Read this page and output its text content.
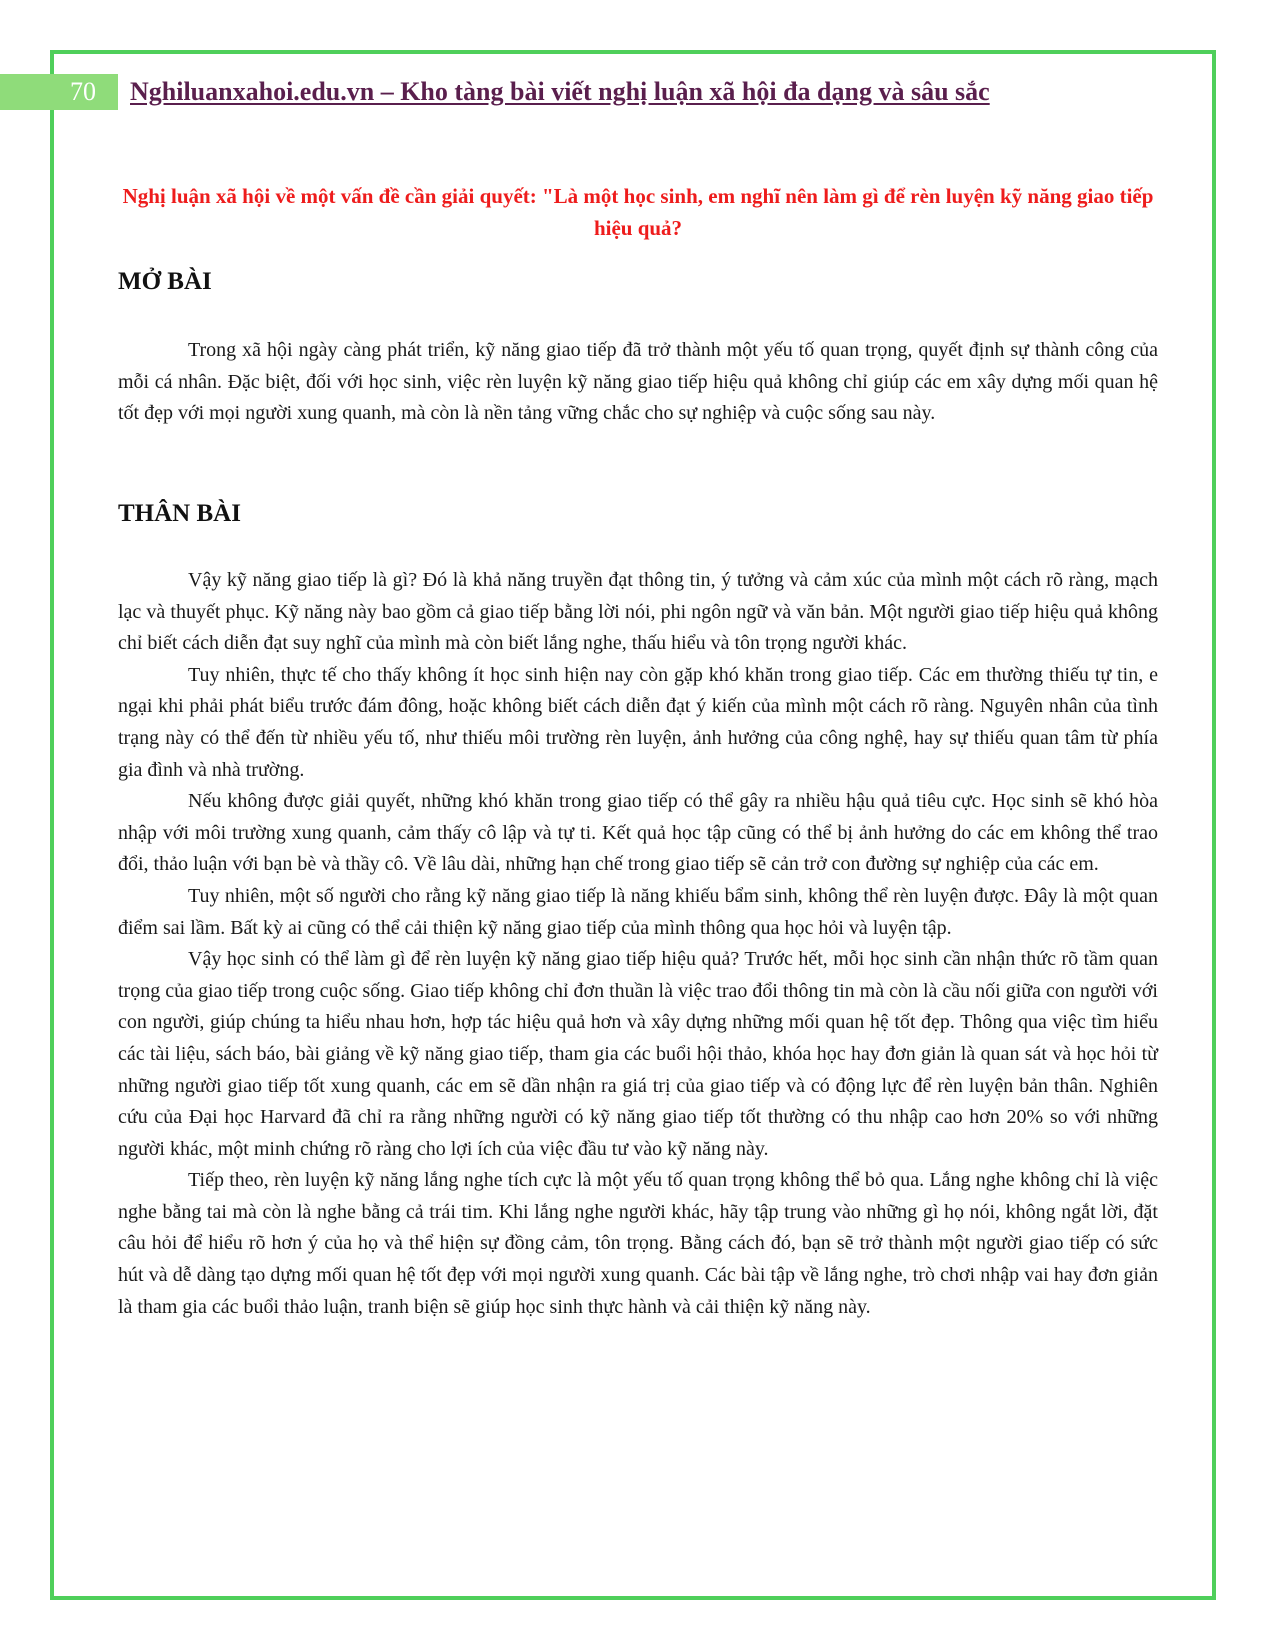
70 Nghiluanxahoi.edu.vn – Kho tàng bài viết nghị luận xã hội đa dạng và sâu sắc
Nghị luận xã hội về một vấn đề cần giải quyết: "Là một học sinh, em nghĩ nên làm gì để rèn luyện kỹ năng giao tiếp hiệu quả?
MỞ BÀI

Trong xã hội ngày càng phát triển, kỹ năng giao tiếp đã trở thành một yếu tố quan trọng, quyết định sự thành công của mỗi cá nhân. Đặc biệt, đối với học sinh, việc rèn luyện kỹ năng giao tiếp hiệu quả không chỉ giúp các em xây dựng mối quan hệ tốt đẹp với mọi người xung quanh, mà còn là nền tảng vững chắc cho sự nghiệp và cuộc sống sau này.

THÂN BÀI

Vậy kỹ năng giao tiếp là gì? Đó là khả năng truyền đạt thông tin, ý tưởng và cảm xúc của mình một cách rõ ràng, mạch lạc và thuyết phục. Kỹ năng này bao gồm cả giao tiếp bằng lời nói, phi ngôn ngữ và văn bản. Một người giao tiếp hiệu quả không chỉ biết cách diễn đạt suy nghĩ của mình mà còn biết lắng nghe, thấu hiểu và tôn trọng người khác.

Tuy nhiên, thực tế cho thấy không ít học sinh hiện nay còn gặp khó khăn trong giao tiếp. Các em thường thiếu tự tin, e ngại khi phải phát biểu trước đám đông, hoặc không biết cách diễn đạt ý kiến của mình một cách rõ ràng. Nguyên nhân của tình trạng này có thể đến từ nhiều yếu tố, như thiếu môi trường rèn luyện, ảnh hưởng của công nghệ, hay sự thiếu quan tâm từ phía gia đình và nhà trường.

Nếu không được giải quyết, những khó khăn trong giao tiếp có thể gây ra nhiều hậu quả tiêu cực. Học sinh sẽ khó hòa nhập với môi trường xung quanh, cảm thấy cô lập và tự ti. Kết quả học tập cũng có thể bị ảnh hưởng do các em không thể trao đổi, thảo luận với bạn bè và thầy cô. Về lâu dài, những hạn chế trong giao tiếp sẽ cản trở con đường sự nghiệp của các em.

Tuy nhiên, một số người cho rằng kỹ năng giao tiếp là năng khiếu bẩm sinh, không thể rèn luyện được. Đây là một quan điểm sai lầm. Bất kỳ ai cũng có thể cải thiện kỹ năng giao tiếp của mình thông qua học hỏi và luyện tập.

Vậy học sinh có thể làm gì để rèn luyện kỹ năng giao tiếp hiệu quả? Trước hết, mỗi học sinh cần nhận thức rõ tầm quan trọng của giao tiếp trong cuộc sống. Giao tiếp không chỉ đơn thuần là việc trao đổi thông tin mà còn là cầu nối giữa con người với con người, giúp chúng ta hiểu nhau hơn, hợp tác hiệu quả hơn và xây dựng những mối quan hệ tốt đẹp. Thông qua việc tìm hiểu các tài liệu, sách báo, bài giảng về kỹ năng giao tiếp, tham gia các buổi hội thảo, khóa học hay đơn giản là quan sát và học hỏi từ những người giao tiếp tốt xung quanh, các em sẽ dần nhận ra giá trị của giao tiếp và có động lực để rèn luyện bản thân. Nghiên cứu của Đại học Harvard đã chỉ ra rằng những người có kỹ năng giao tiếp tốt thường có thu nhập cao hơn 20% so với những người khác, một minh chứng rõ ràng cho lợi ích của việc đầu tư vào kỹ năng này.

Tiếp theo, rèn luyện kỹ năng lắng nghe tích cực là một yếu tố quan trọng không thể bỏ qua. Lắng nghe không chỉ là việc nghe bằng tai mà còn là nghe bằng cả trái tim. Khi lắng nghe người khác, hãy tập trung vào những gì họ nói, không ngắt lời, đặt câu hỏi để hiểu rõ hơn ý của họ và thể hiện sự đồng cảm, tôn trọng. Bằng cách đó, bạn sẽ trở thành một người giao tiếp có sức hút và dễ dàng tạo dựng mối quan hệ tốt đẹp với mọi người xung quanh. Các bài tập về lắng nghe, trò chơi nhập vai hay đơn giản là tham gia các buổi thảo luận, tranh biện sẽ giúp học sinh thực hành và cải thiện kỹ năng này.
